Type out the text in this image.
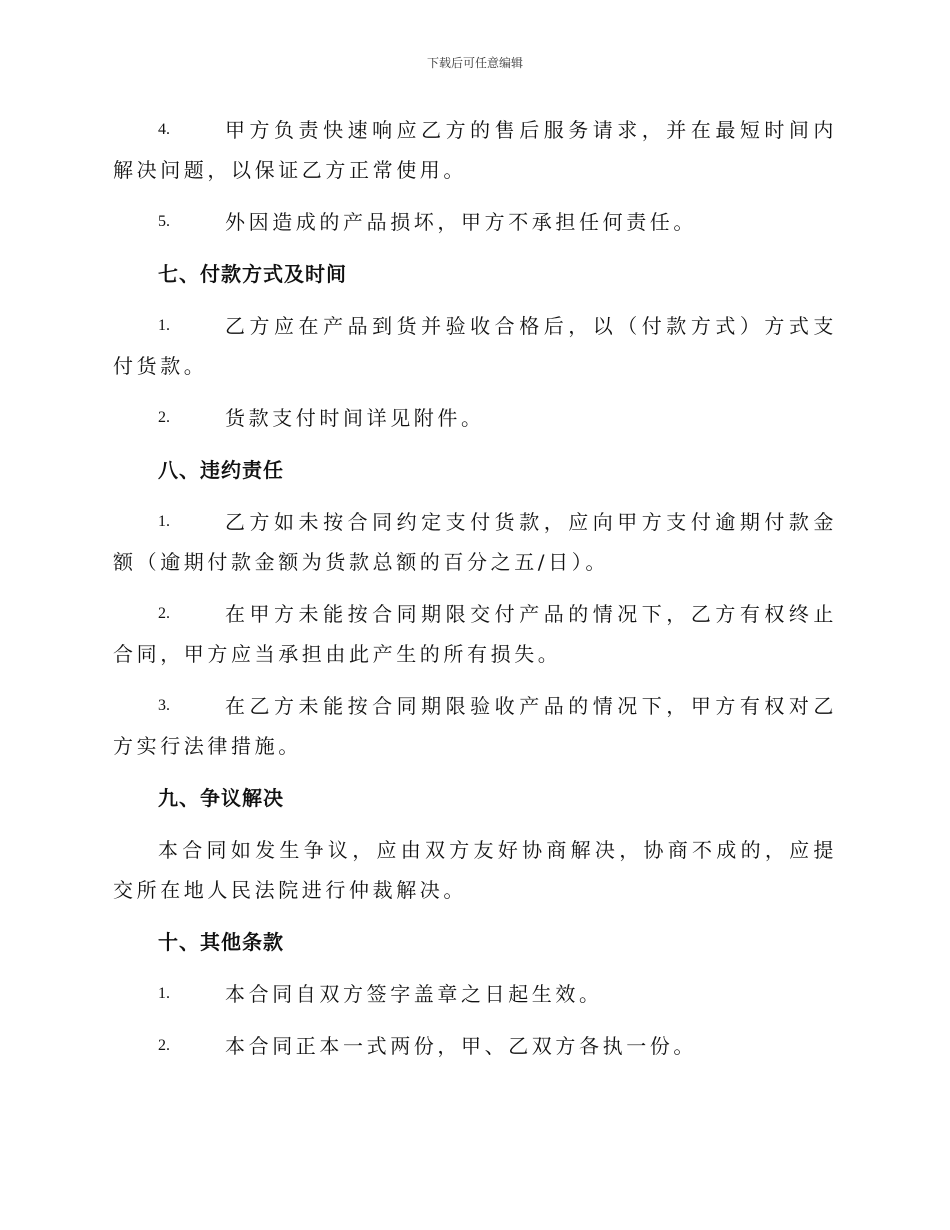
下载后可任意编辑
4.	甲方负责快速响应乙方的售后服务请求，并在最短时间内解决问题，以保证乙方正常使用。
5.	外因造成的产品损坏，甲方不承担任何责任。
七、付款方式及时间
1.	乙方应在产品到货并验收合格后，以（付款方式）方式支付货款。
2.	货款支付时间详见附件。
八、违约责任
1.	乙方如未按合同约定支付货款，应向甲方支付逾期付款金额（逾期付款金额为货款总额的百分之五/日）。
2.	在甲方未能按合同期限交付产品的情况下，乙方有权终止合同，甲方应当承担由此产生的所有损失。
3.	在乙方未能按合同期限验收产品的情况下，甲方有权对乙方实行法律措施。
九、争议解决
本合同如发生争议，应由双方友好协商解决，协商不成的，应提交所在地人民法院进行仲裁解决。
十、其他条款
1.	本合同自双方签字盖章之日起生效。
2.	本合同正本一式两份，甲、乙双方各执一份。
